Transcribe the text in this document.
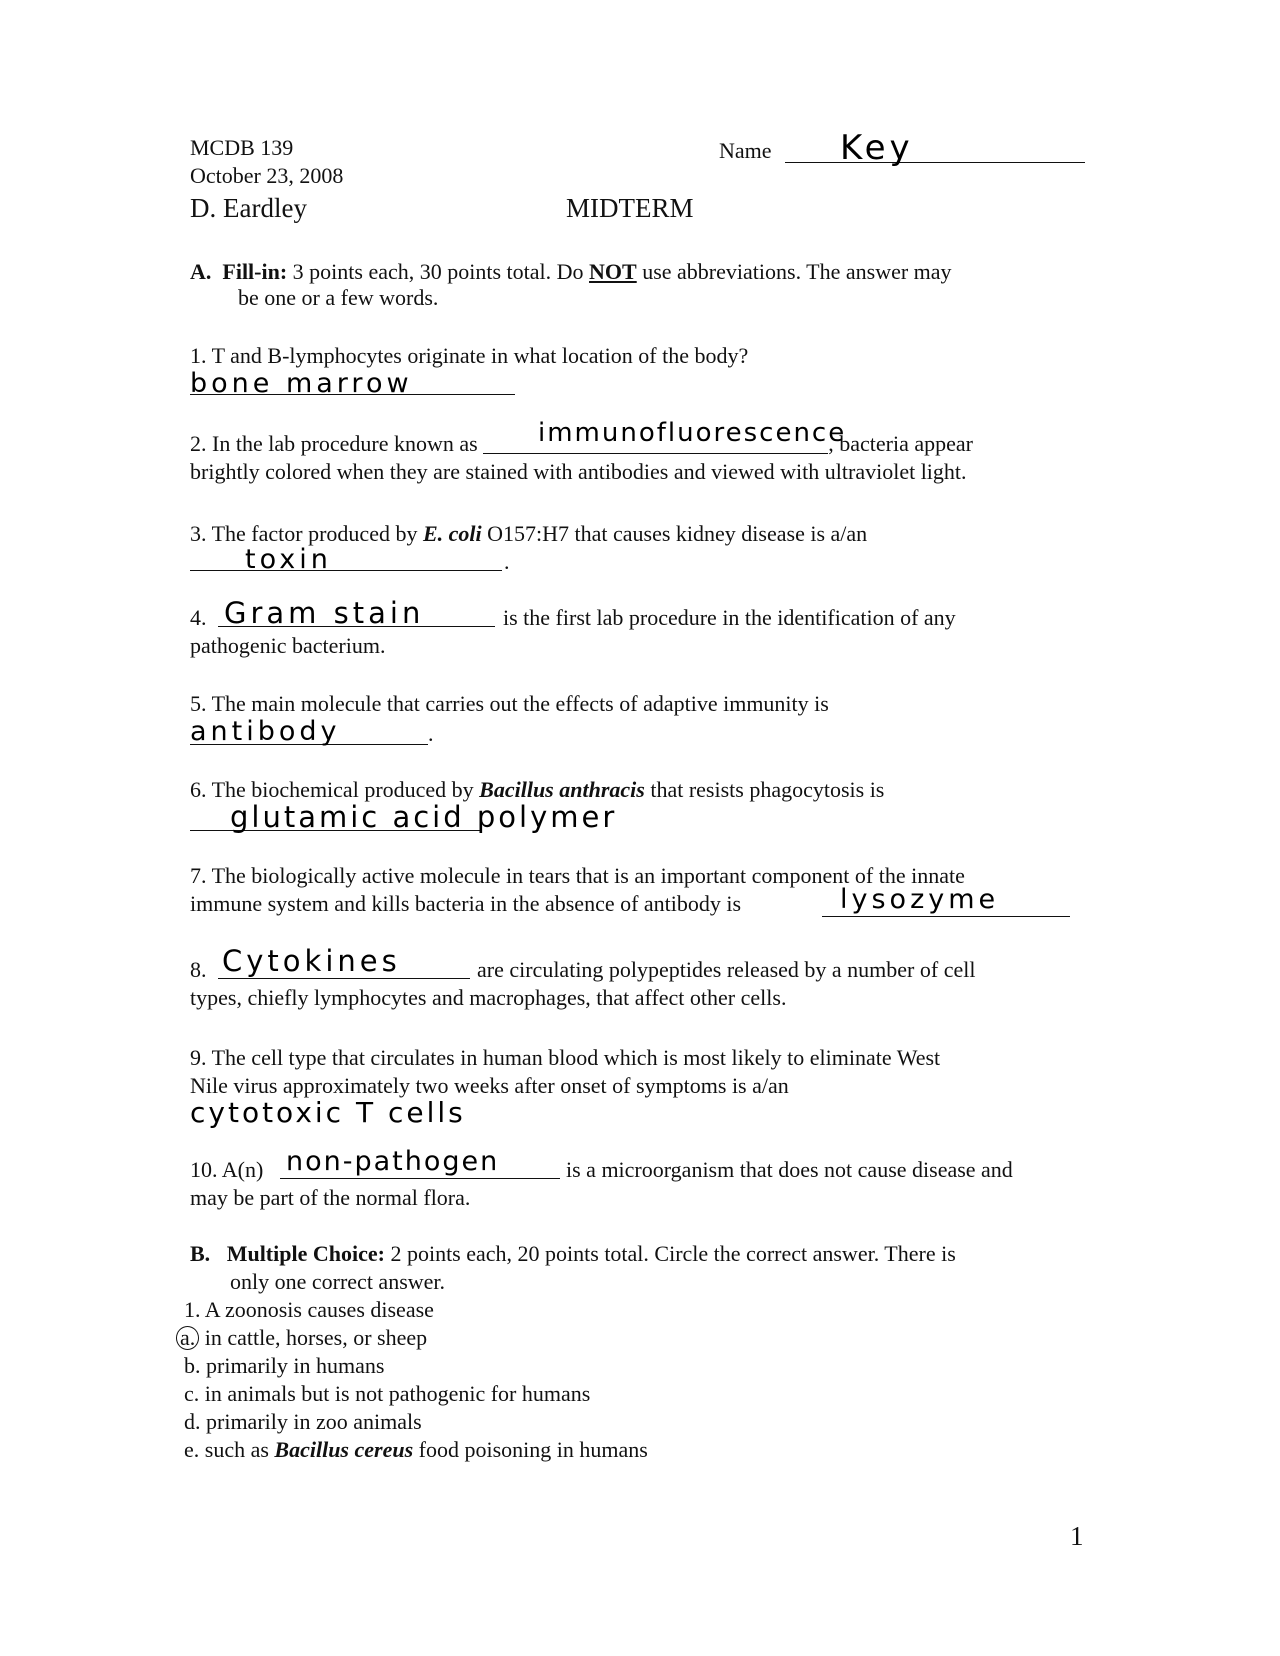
MCDB 139
October 23, 2008
D. Eardley	MIDTERM
Name Key
A. Fill-in: 3 points each, 30 points total. Do NOT use abbreviations. The answer may
be one or a few words.
1. T and B-lymphocytes originate in what location of the body?
bone marrow
2. In the lab procedure known as	, bacteria appear
immunofluorescence
brightly colored when they are stained with antibodies and viewed with ultraviolet light.
3. The factor produced by E. coli O157:H7 that causes kidney disease is a/an
toxin	.
4. Gram stain	is the first lab procedure in the identification of any
pathogenic bacterium.
5. The main molecule that carries out the effects of adaptive immunity is
antibody	.
6. The biochemical produced by Bacillus anthracis that resists phagocytosis is
glutamic acid polymer
7. The biologically active molecule in tears that is an important component of the innate
immune system and kills bacteria in the absence of antibody is	lysozyme
8. Cytokines	are circulating polypeptides released by a number of cell
types, chiefly lymphocytes and macrophages, that affect other cells.
9. The cell type that circulates in human blood which is most likely to eliminate West
Nile virus approximately two weeks after onset of symptoms is a/an
cytotoxic T cells
10. A(n) non-pathogen	is a microorganism that does not cause disease and
may be part of the normal flora.
B. Multiple Choice: 2 points each, 20 points total. Circle the correct answer. There is
only one correct answer.
1. A zoonosis causes disease
a. in cattle, horses, or sheep
b. primarily in humans
c. in animals but is not pathogenic for humans
d. primarily in zoo animals
e. such as Bacillus cereus food poisoning in humans
1
